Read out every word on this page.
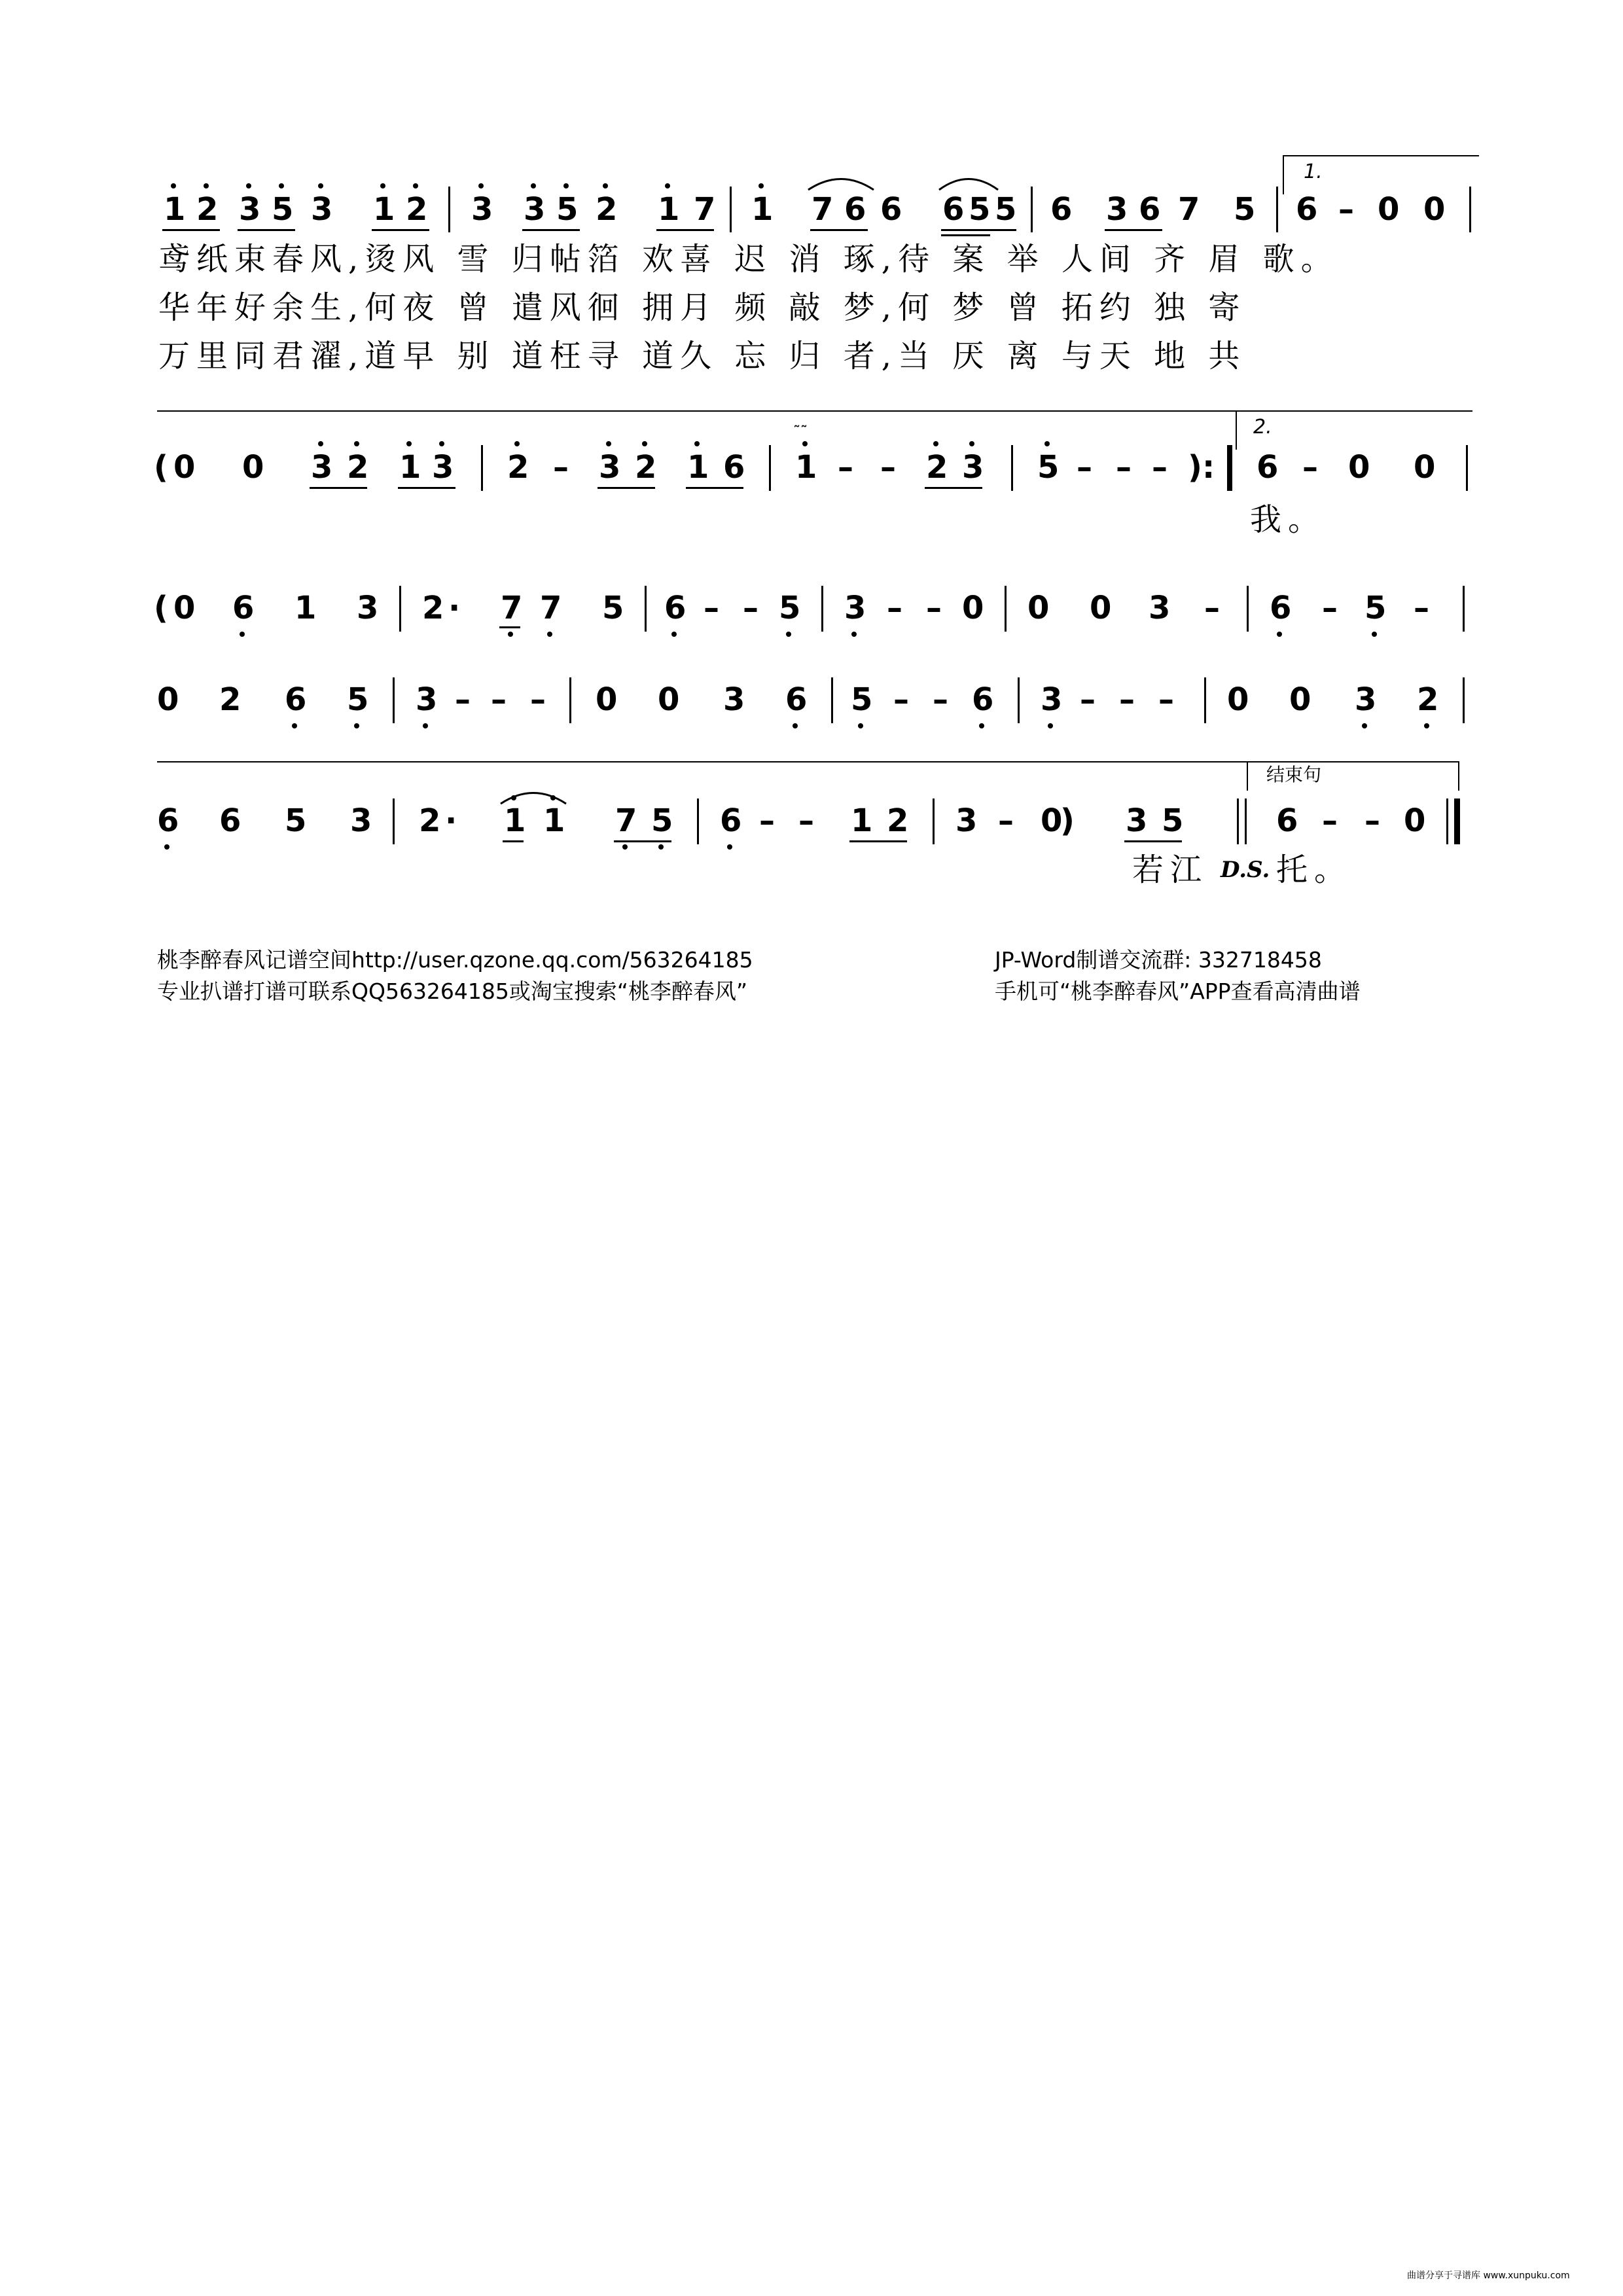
1.
1 2 3 5 3 1 2 3 3 5 2 1 7 1 7 6 6 6 5 5 6 3 6 7 5 6 – 0 0
鸢纸束春风,烫风 雪 归帖箔 欢喜 迟 消 琢,待 案 举 人间 齐 眉 歌。
华年好余生,何夜 曾 遣风徊 拥月 频 敲 梦,何 梦 曾 拓约 独 寄
万里同君濯,道早 别 道枉寻 道久 忘 归 者,当 厌 离 与天 地 共
2.
( 0 0 3 2 1 3 2 – 3 2 1 6 1 – – 2 3 5 – – – ): 6 – 0 0
˜˜
我。
( 0 6 1 3 2 · 7 7 5 6 – – 5 3 – – 0 0 0 3 – 6 – 5 –
0 2 6 5 3 – – – 0 0 3 6 5 – – 6 3 – – – 0 0 3 2
结束句
6 6 5 3 2 · 1 1 7 5 6 – – 1 2 3 – 0
) 3 5	6 – – 0
若江 D.S. 托。
桃李醉春风记谱空间http://user.qzone.qq.com/563264185
专业扒谱打谱可联系QQ563264185或淘宝搜索“桃李醉春风”
JP-Word制谱交流群: 332718458
手机可“桃李醉春风”APP查看高清曲谱
曲谱分享于寻谱库 www.xunpuku.com
